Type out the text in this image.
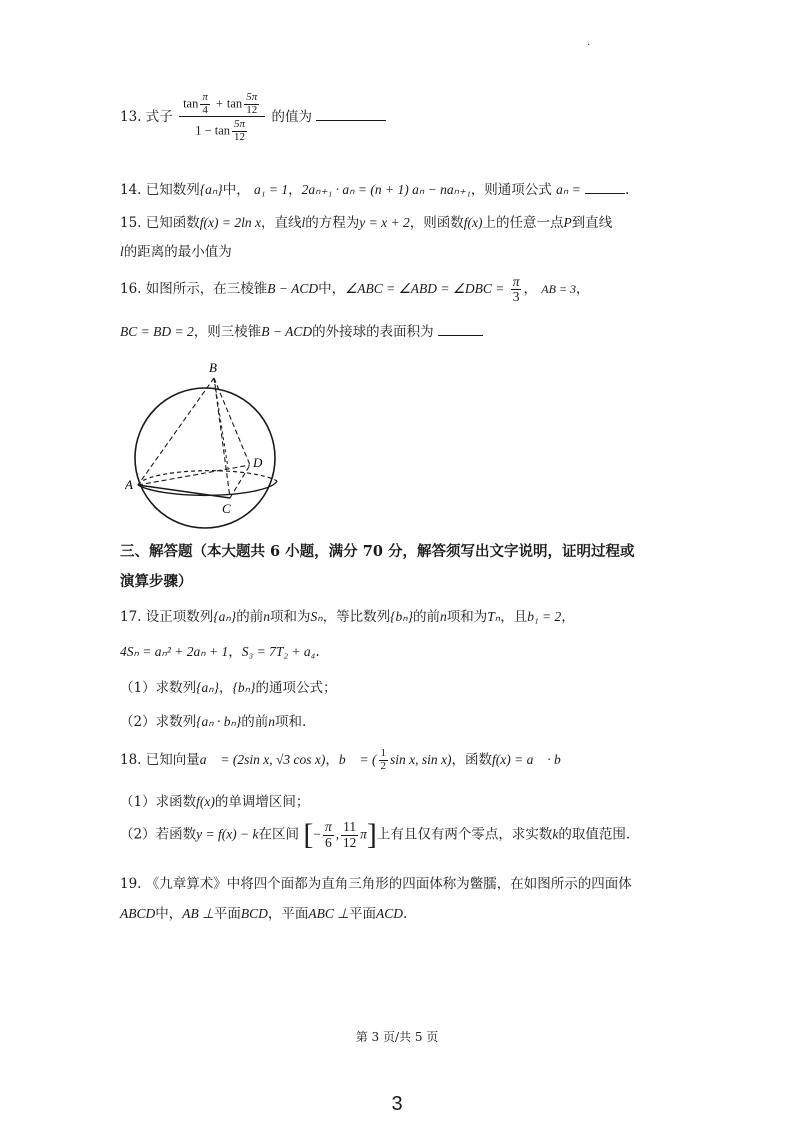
·
13. 式子 $\frac{\tan \frac{\pi}{4} + \tan \frac{5\pi}{12}}{1 - \tan \frac{5\pi}{12}}$ 的值为
14. 已知数列{aₙ}中， a₁ = 1，2aₙ₊₁ · aₙ = (n + 1) aₙ − naₙ₊₁，则通项公式 aₙ =	.
15. 已知函数f(x) = 2ln x，直线l的方程为y = x + 2，则函数f(x)上的任意一点P到直线
l的距离的最小值为
16. 如图所示，在三棱锥B − ACD中，∠ABC = ∠ABD = ∠DBC = $\frac{\pi}{3}$ ， AB = 3，
BC = BD = 2，则三棱锥B − ACD的外接球的表面积为
B
A
C
D
三、解答题（本大题共 6 小题，满分 70 分，解答须写出文字说明，证明过程或
演算步骤）
17. 设正项数列{aₙ}的前n项和为Sₙ，等比数列{bₙ}的前n项和为Tₙ，且b₁ = 2，
4Sₙ = aₙ² + 2aₙ + 1，S₃ = 7T₂ + a₄.
（1）求数列{aₙ}，{bₙ}的通项公式；
（2）求数列{aₙ · bₙ}的前n项和.
18. 已知向量a⃗ = (2sin x, √3 cos x)，b⃗ = ( $\frac{1}{2}$ sin x, sin x)，函数f(x) = a⃗ · b⃗
（1）求函数f(x)的单调增区间；
（2）若函数y = f(x) − k在区间 [− $\frac{\pi}{6}$ , $\frac{11}{12} \pi$]上有且仅有两个零点，求实数k的取值范围.
19. 《九章算术》中将四个面都为直角三角形的四面体称为鳖臑，在如图所示的四面体
ABCD中，AB ⊥平面BCD，平面ABC ⊥平面ACD.
第 3 页/共 5 页
3
